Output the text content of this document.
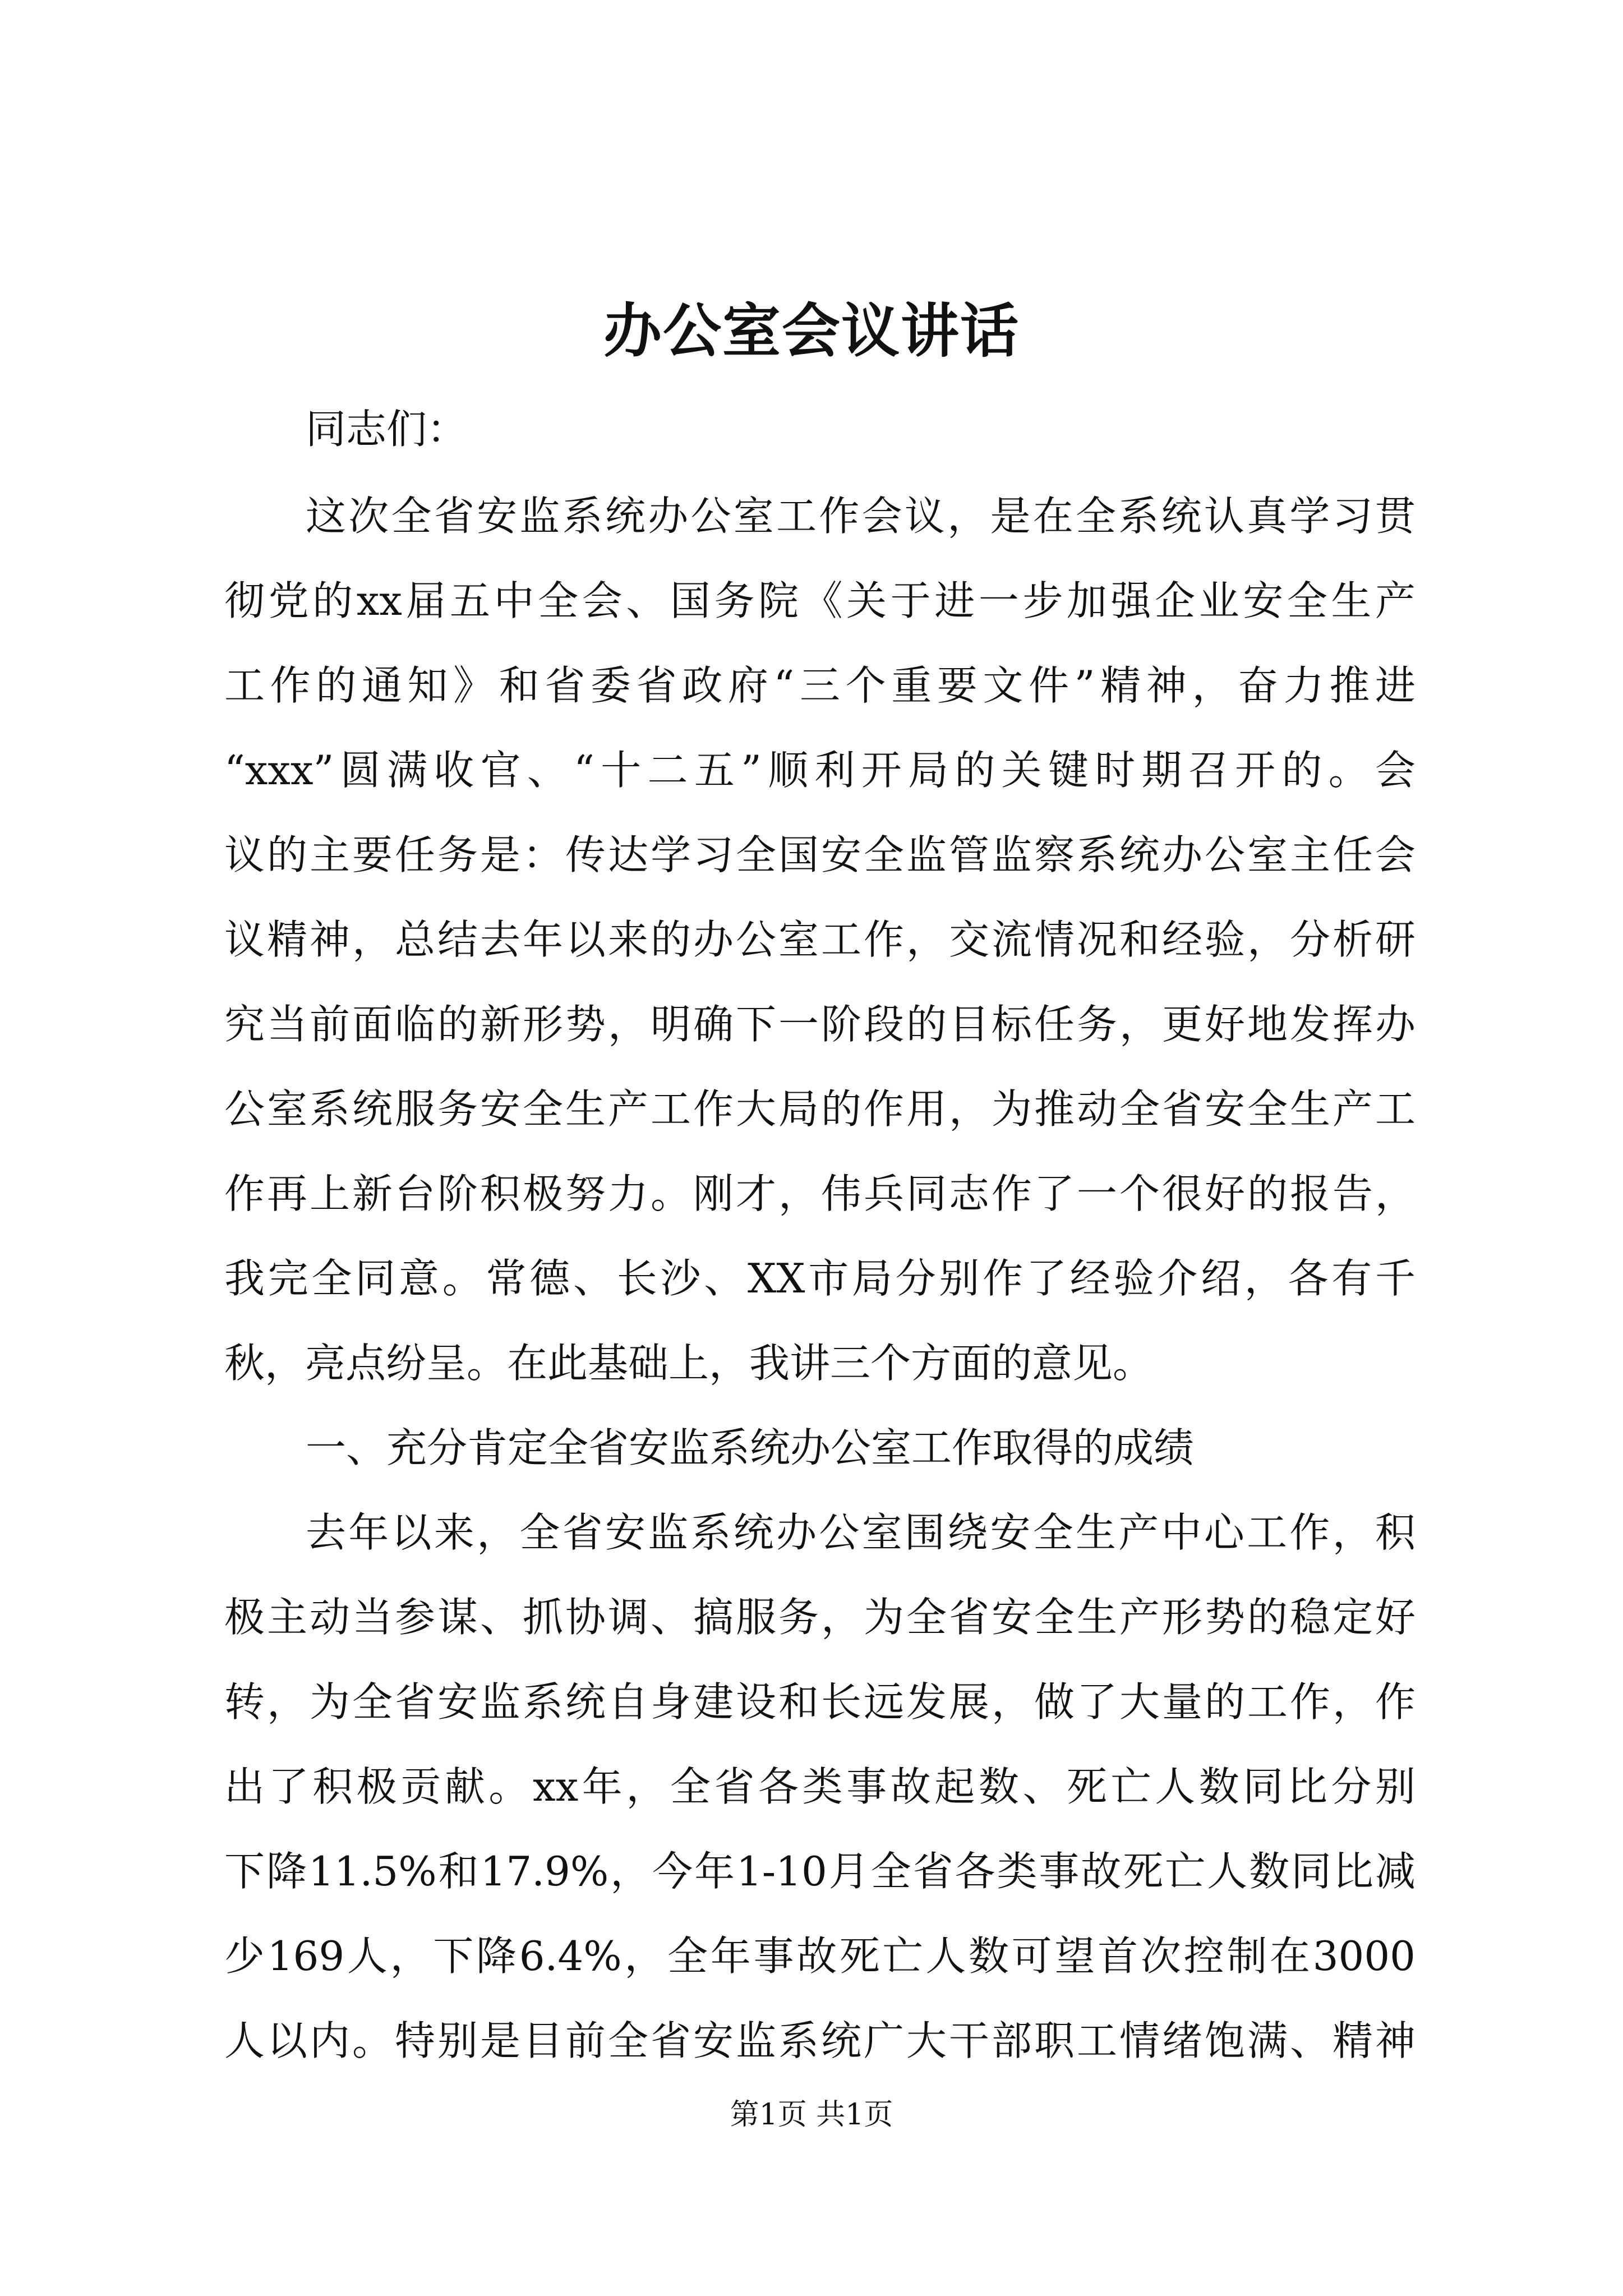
办公室会议讲话
同志们：
这次全省安监系统办公室工作会议，是在全系统认真学习贯
彻党的xx届五中全会、国务院《关于进一步加强企业安全生产
工作的通知》和省委省政府“三个重要文件”精神，奋力推进
“xxx”圆满收官、“十二五”顺利开局的关键时期召开的。会
议的主要任务是：传达学习全国安全监管监察系统办公室主任会
议精神，总结去年以来的办公室工作，交流情况和经验，分析研
究当前面临的新形势，明确下一阶段的目标任务，更好地发挥办
公室系统服务安全生产工作大局的作用，为推动全省安全生产工
作再上新台阶积极努力。刚才，伟兵同志作了一个很好的报告，
我完全同意。常德、长沙、XX市局分别作了经验介绍，各有千
秋，亮点纷呈。在此基础上，我讲三个方面的意见。
一、充分肯定全省安监系统办公室工作取得的成绩
去年以来，全省安监系统办公室围绕安全生产中心工作，积
极主动当参谋、抓协调、搞服务，为全省安全生产形势的稳定好
转，为全省安监系统自身建设和长远发展，做了大量的工作，作
出了积极贡献。xx年，全省各类事故起数、死亡人数同比分别
下降11.5%和17.9%，今年1-10月全省各类事故死亡人数同比减
少169人，下降6.4%，全年事故死亡人数可望首次控制在3000
人以内。特别是目前全省安监系统广大干部职工情绪饱满、精神
第1页 共1页
